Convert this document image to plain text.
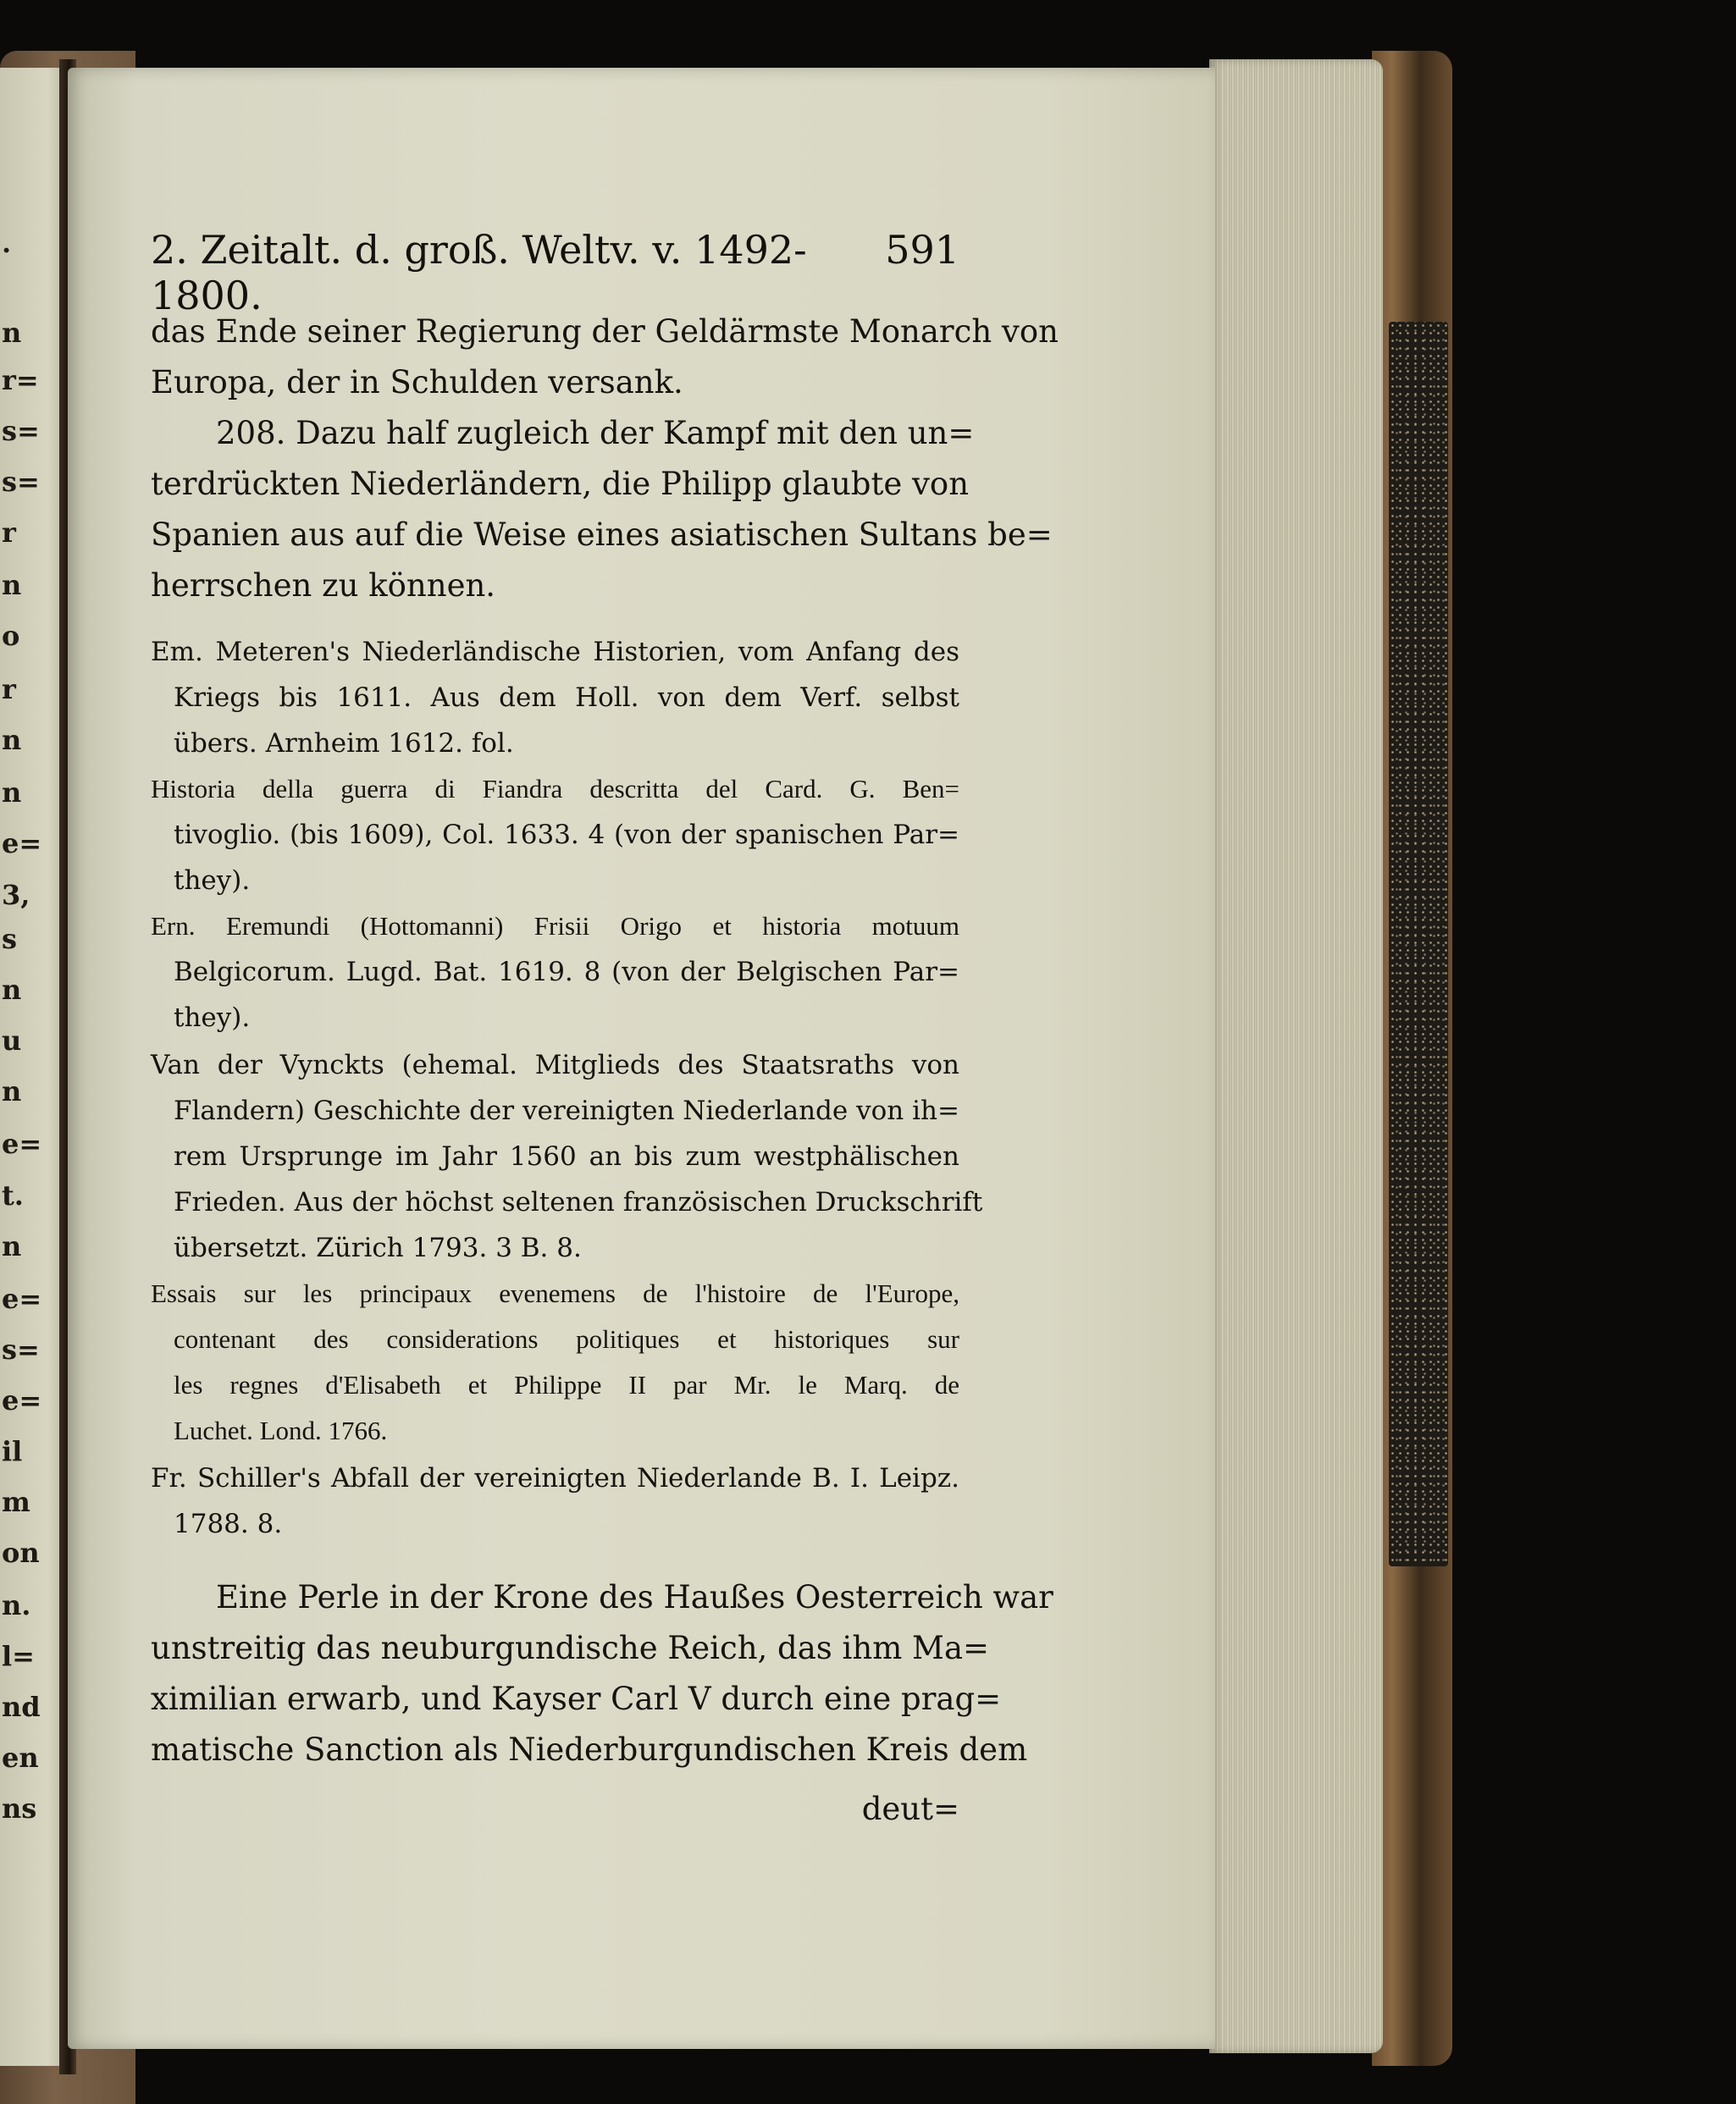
.
n
r=
s=
s=
r
n
o
r
n
n
e=
3,
s
n
u
n
e=
t.
n
e=
s=
e=
il
m
on
n.
l=
nd
en
ns
2. Zeitalt. d. groß. Weltv. v. 1492-1800.
591
das Ende seiner Regierung der Geldärmste Monarch von
Europa, der in Schulden versank.
208. Dazu half zugleich der Kampf mit den un=
terdrückten Niederländern, die Philipp glaubte von
Spanien aus auf die Weise eines asiatischen Sultans be=
herrschen zu können.
Em. Meteren's Niederländische Historien, vom Anfang des
Kriegs bis 1611. Aus dem Holl. von dem Verf. selbst
übers. Arnheim 1612. fol.
Historia della guerra di Fiandra descritta del Card. G. Ben=
tivoglio. (bis 1609), Col. 1633. 4 (von der spanischen Par=
they).
Ern. Eremundi (Hottomanni) Frisii Origo et historia motuum
Belgicorum. Lugd. Bat. 1619. 8 (von der Belgischen Par=
they).
Van der Vynckts (ehemal. Mitglieds des Staatsraths von
Flandern) Geschichte der vereinigten Niederlande von ih=
rem Ursprunge im Jahr 1560 an bis zum westphälischen
Frieden. Aus der höchst seltenen französischen Druckschrift
übersetzt. Zürich 1793. 3 B. 8.
Essais sur les principaux evenemens de l'histoire de l'Europe,
contenant des considerations politiques et historiques sur
les regnes d'Elisabeth et Philippe II par Mr. le Marq. de
Luchet. Lond. 1766.
Fr. Schiller's Abfall der vereinigten Niederlande B. I. Leipz.
1788. 8.
Eine Perle in der Krone des Haußes Oesterreich war
unstreitig das neuburgundische Reich, das ihm Ma=
ximilian erwarb, und Kayser Carl V durch eine prag=
matische Sanction als Niederburgundischen Kreis dem
deut=
